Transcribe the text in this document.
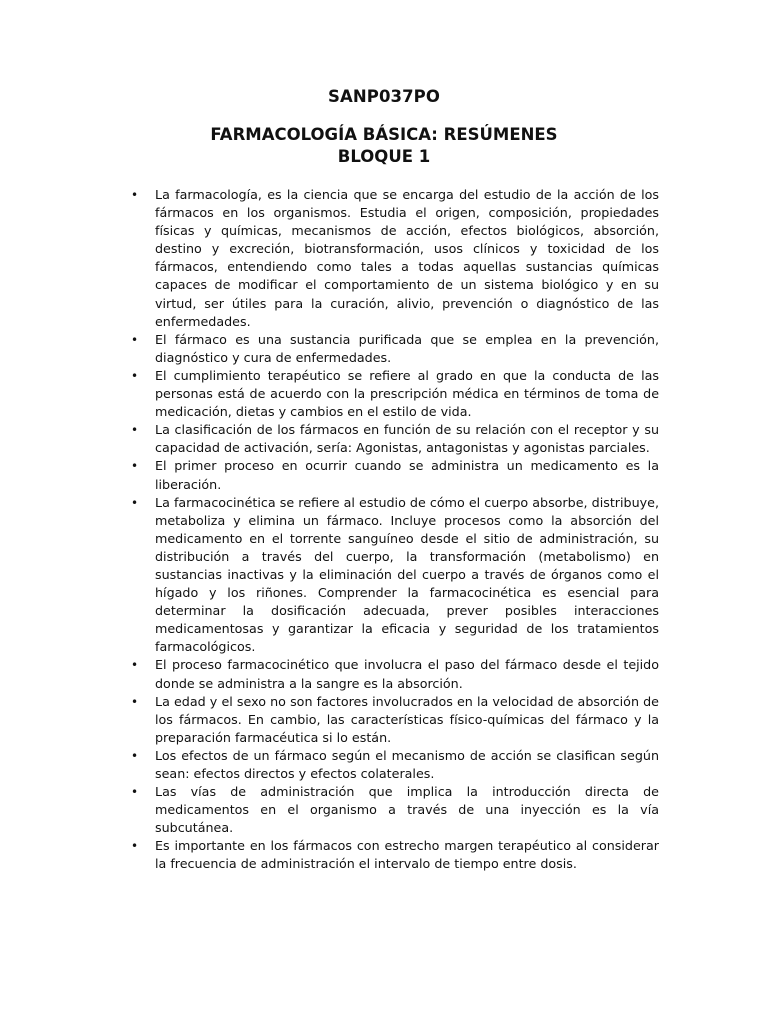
SANP037PO
FARMACOLOGÍA BÁSICA: RESÚMENES
BLOQUE 1
•	La farmacología, es la ciencia que se encarga del estudio de la acción de los fármacos en los organismos. Estudia el origen, composición, propiedades físicas y químicas, mecanismos de acción, efectos biológicos, absorción, destino y excreción, biotransformación, usos clínicos y toxicidad de los fármacos, entendiendo como tales a todas aquellas sustancias químicas capaces de modificar el comportamiento de un sistema biológico y en su virtud, ser útiles para la curación, alivio, prevención o diagnóstico de las enfermedades.
•	El fármaco es una sustancia purificada que se emplea en la prevención, diagnóstico y cura de enfermedades.
•	El cumplimiento terapéutico se refiere al grado en que la conducta de las personas está de acuerdo con la prescripción médica en términos de toma de medicación, dietas y cambios en el estilo de vida.
•	La clasificación de los fármacos en función de su relación con el receptor y su capacidad de activación, sería: Agonistas, antagonistas y agonistas parciales.
•	El primer proceso en ocurrir cuando se administra un medicamento es la liberación.
•	La farmacocinética se refiere al estudio de cómo el cuerpo absorbe, distribuye, metaboliza y elimina un fármaco. Incluye procesos como la absorción del medicamento en el torrente sanguíneo desde el sitio de administración, su distribución a través del cuerpo, la transformación (metabolismo) en sustancias inactivas y la eliminación del cuerpo a través de órganos como el hígado y los riñones. Comprender la farmacocinética es esencial para determinar la dosificación adecuada, prever posibles interacciones medicamentosas y garantizar la eficacia y seguridad de los tratamientos farmacológicos.
•	El proceso farmacocinético que involucra el paso del fármaco desde el tejido donde se administra a la sangre es la absorción.
•	La edad y el sexo no son factores involucrados en la velocidad de absorción de los fármacos. En cambio, las características físico-químicas del fármaco y la preparación farmacéutica si lo están.
•	Los efectos de un fármaco según el mecanismo de acción se clasifican según sean: efectos directos y efectos colaterales.
•	Las vías de administración que implica la introducción directa de medicamentos en el organismo a través de una inyección es la vía subcutánea.
•	Es importante en los fármacos con estrecho margen terapéutico al considerar la frecuencia de administración el intervalo de tiempo entre dosis.
